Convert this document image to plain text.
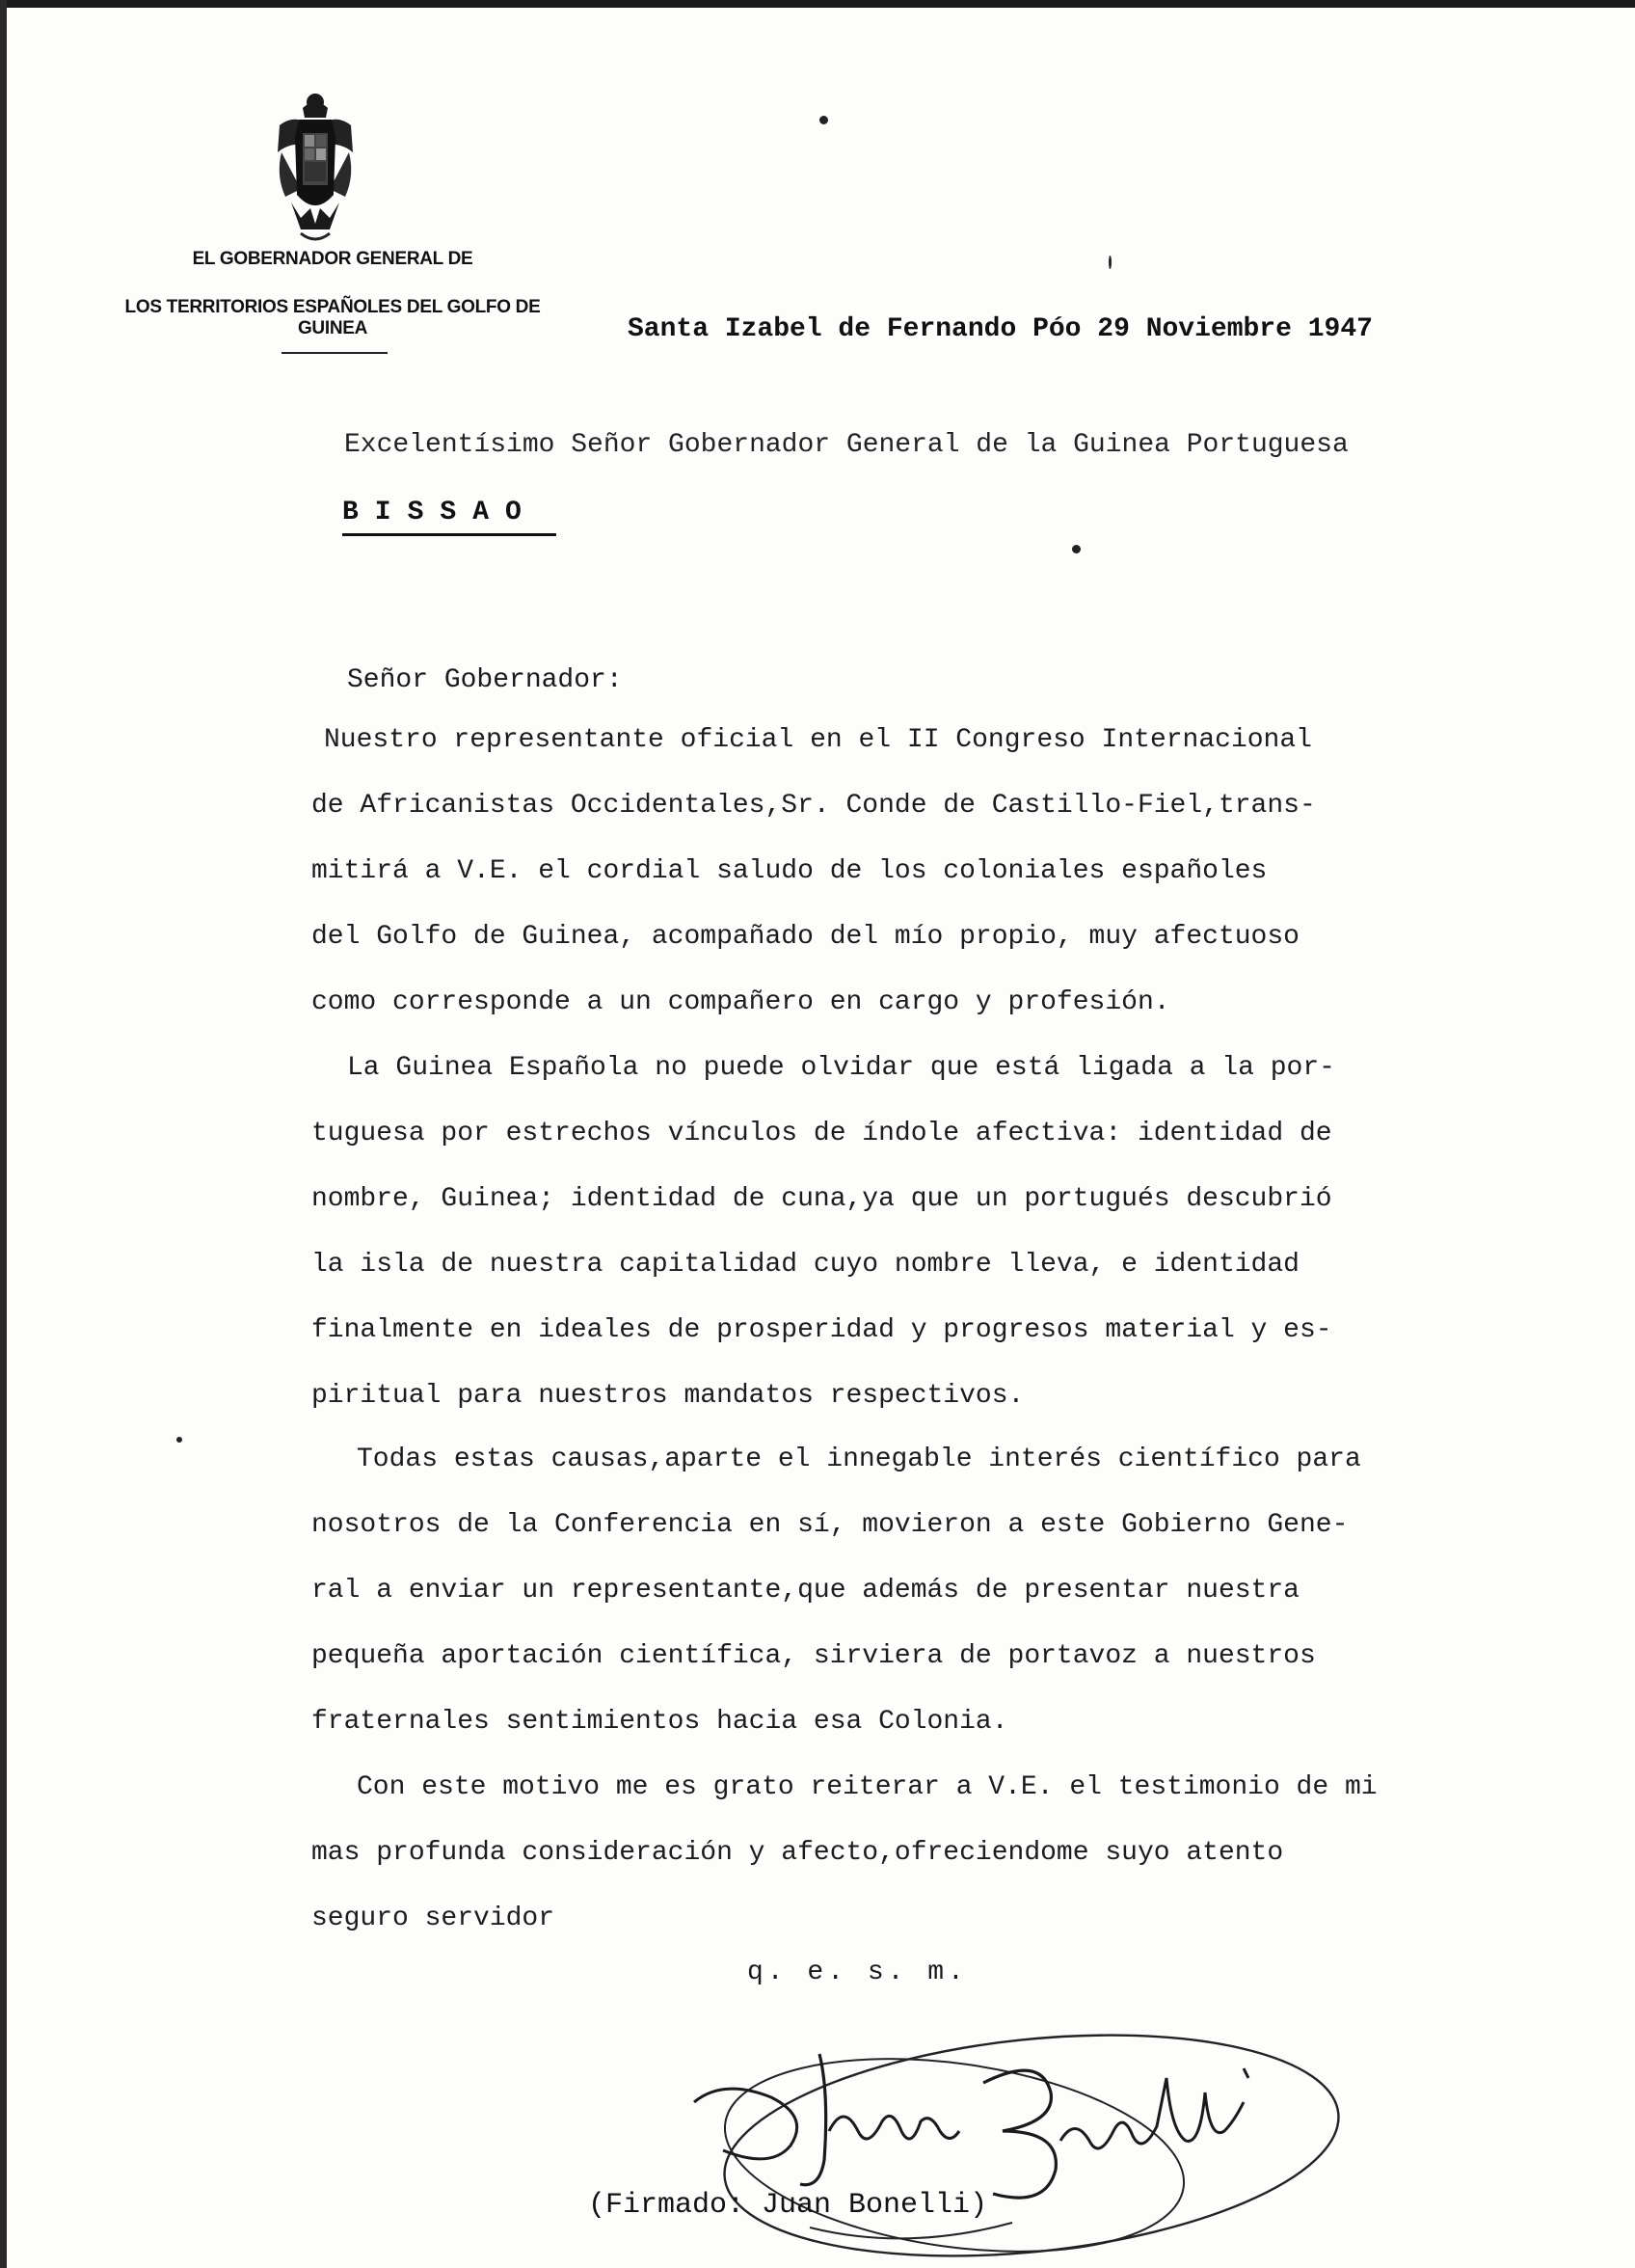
EL GOBERNADOR GENERAL DE
LOS TERRITORIOS ESPAÑOLES DEL GOLFO DE GUINEA	Santa Izabel de Fernando Póo 29 Noviembre 1947
Excelentísimo Señor Gobernador General de la Guinea Portuguesa
BISSAO
Señor Gobernador:
Nuestro representante oficial en el II Congreso Internacional
de Africanistas Occidentales,Sr. Conde de Castillo-Fiel,trans-
mitirá a V.E. el cordial saludo de los coloniales españoles
del Golfo de Guinea, acompañado del mío propio, muy afectuoso
como corresponde a un compañero en cargo y profesión.
La Guinea Española no puede olvidar que está ligada a la por-
tuguesa por estrechos vínculos de índole afectiva: identidad de
nombre, Guinea; identidad de cuna,ya que un portugués descubrió
la isla de nuestra capitalidad cuyo nombre lleva, e identidad
finalmente en ideales de prosperidad y progresos material y es-
piritual para nuestros mandatos respectivos.
Todas estas causas,aparte el innegable interés científico para
nosotros de la Conferencia en sí, movieron a este Gobierno Gene-
ral a enviar un representante,que además de presentar nuestra
pequeña aportación científica, sirviera de portavoz a nuestros
fraternales sentimientos hacia esa Colonia.
Con este motivo me es grato reiterar a V.E. el testimonio de mi
mas profunda consideración y afecto,ofreciendome suyo atento
seguro servidor
q. e. s. m.
(Firmado: Juan Bonelli)
